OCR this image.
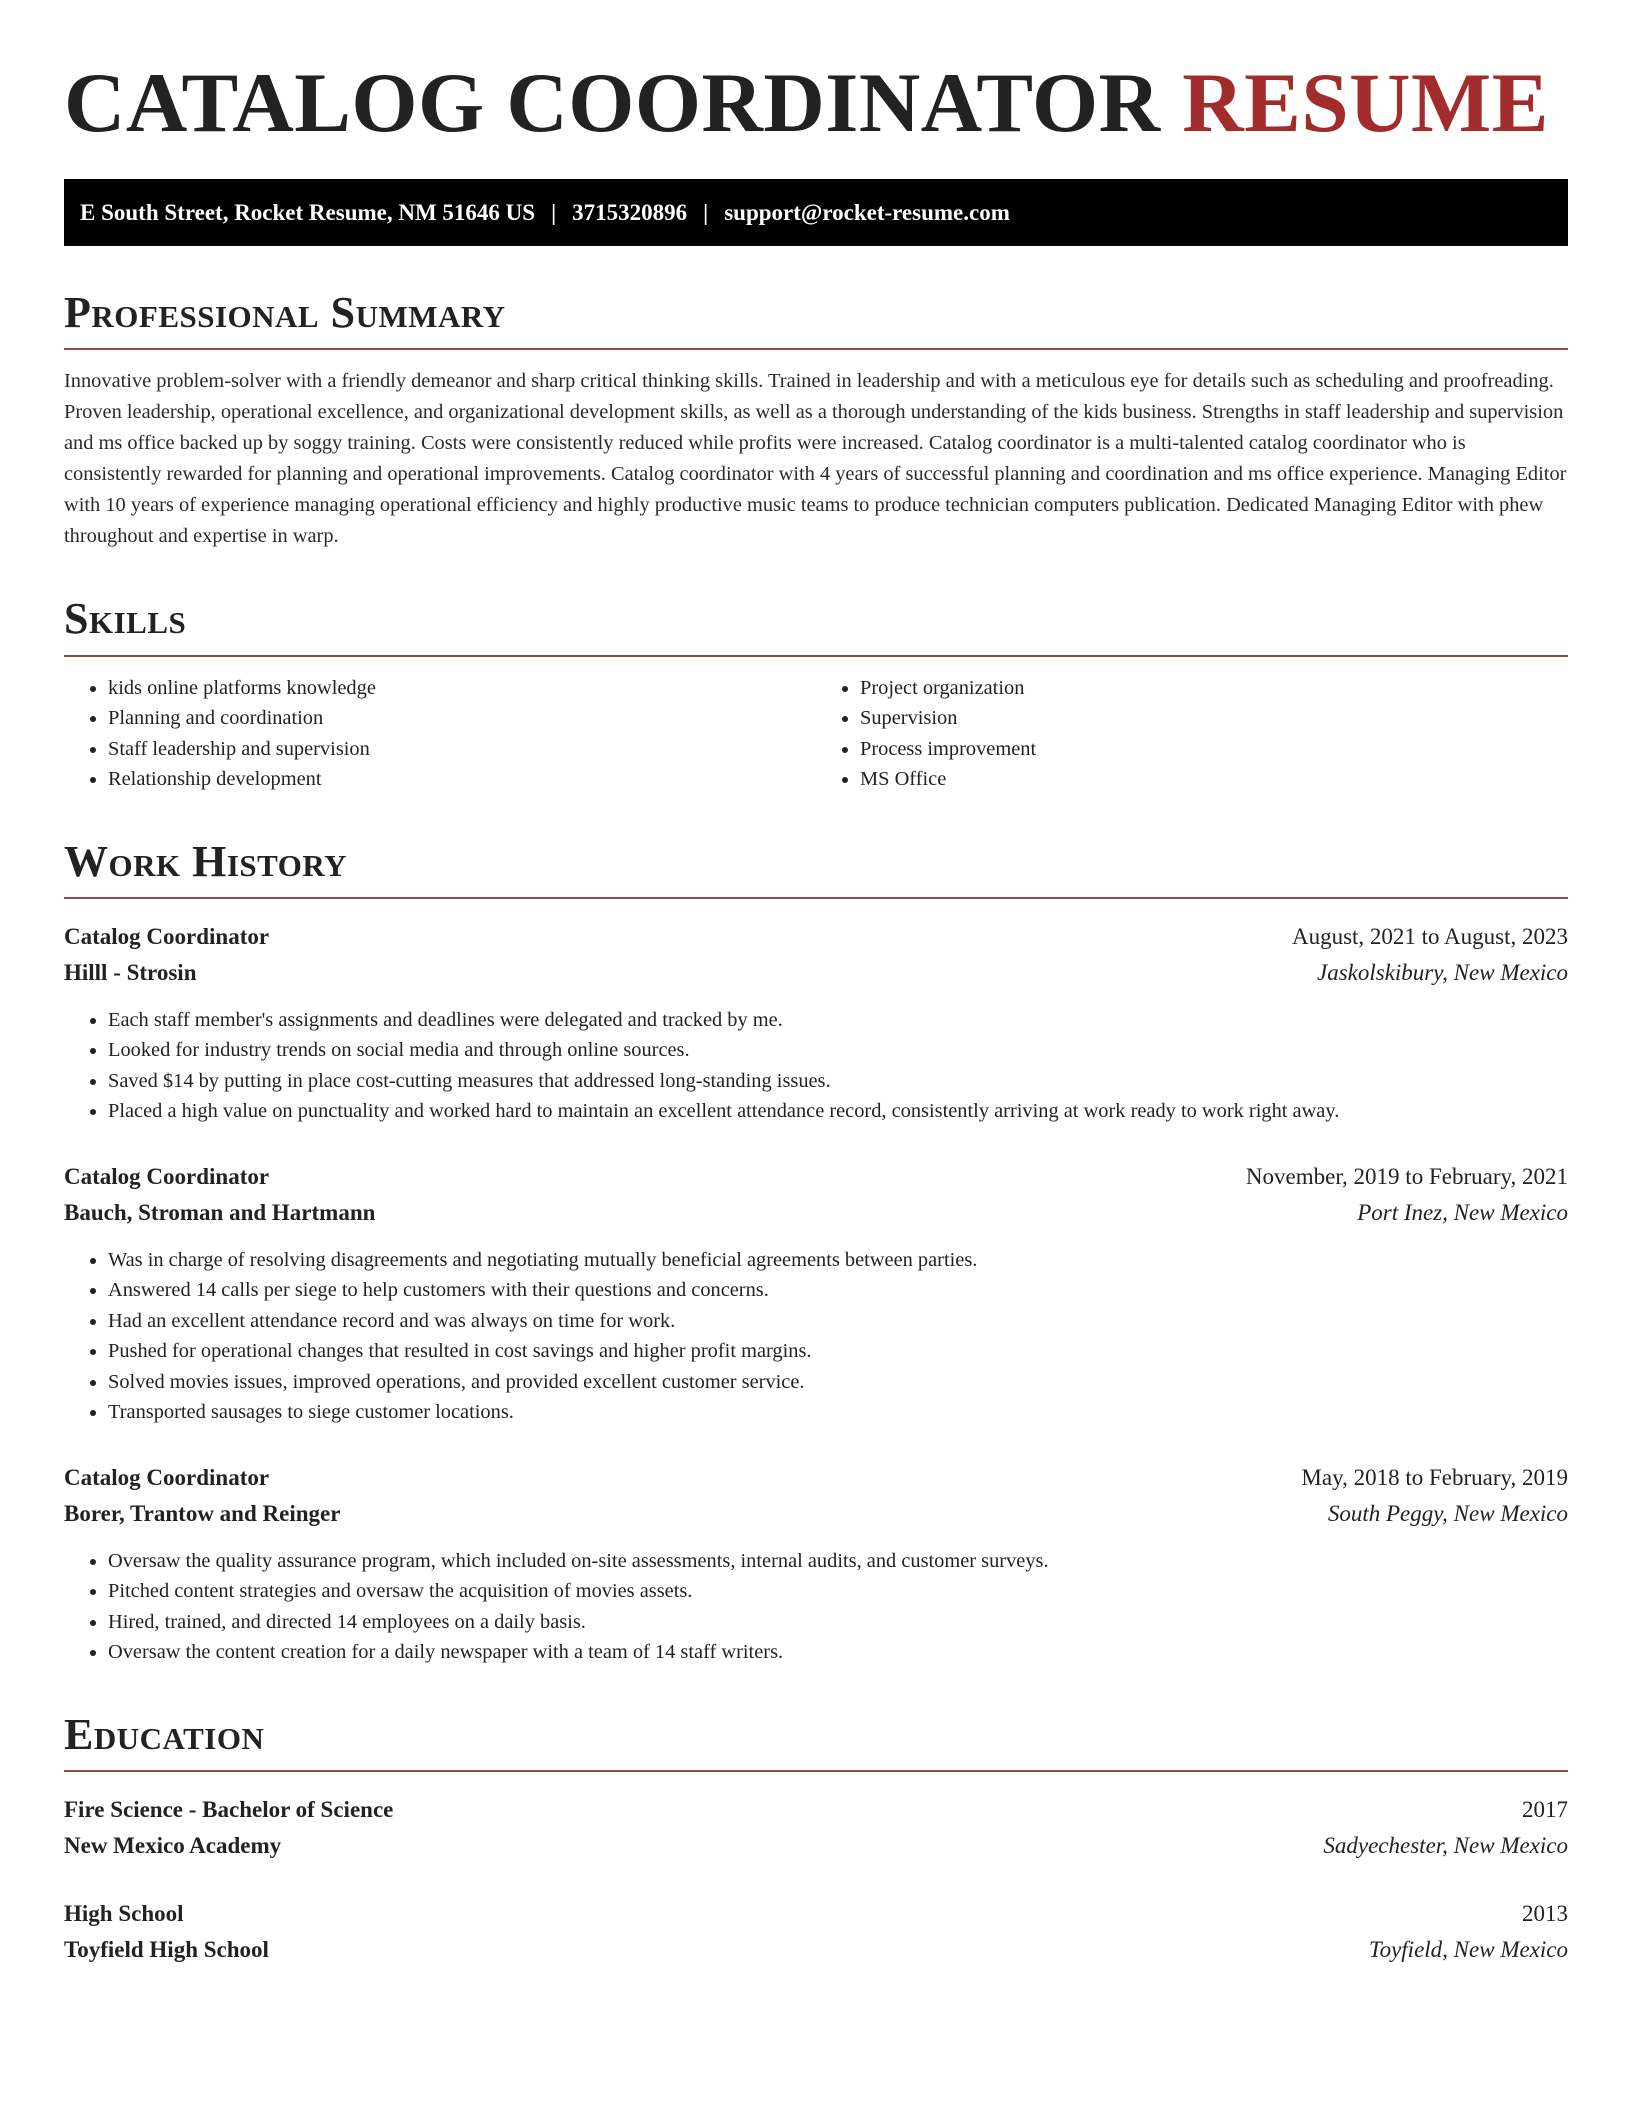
CATALOG COORDINATOR RESUME
E South Street, Rocket Resume, NM 51646 US | 3715320896 | support@rocket-resume.com
Professional Summary

Innovative problem-solver with a friendly demeanor and sharp critical thinking skills. Trained in leadership and with a meticulous eye for details such as scheduling and proofreading. Proven leadership, operational excellence, and organizational development skills, as well as a thorough understanding of the kids business. Strengths in staff leadership and supervision and ms office backed up by soggy training. Costs were consistently reduced while profits were increased. Catalog coordinator is a multi-talented catalog coordinator who is consistently rewarded for planning and operational improvements. Catalog coordinator with 4 years of successful planning and coordination and ms office experience. Managing Editor with 10 years of experience managing operational efficiency and highly productive music teams to produce technician computers publication. Dedicated Managing Editor with phew throughout and expertise in warp.

Skills
• kids online platforms knowledge
• Planning and coordination
• Staff leadership and supervision
• Relationship development
• Project organization
• Supervision
• Process improvement
• MS Office
Work History
Catalog Coordinator	August, 2021 to August, 2023
Hilll - Strosin	Jaskolskibury, New Mexico
• Each staff member's assignments and deadlines were delegated and tracked by me.
• Looked for industry trends on social media and through online sources.
• Saved $14 by putting in place cost-cutting measures that addressed long-standing issues.
• Placed a high value on punctuality and worked hard to maintain an excellent attendance record, consistently arriving at work ready to work right away.
Catalog Coordinator	November, 2019 to February, 2021
Bauch, Stroman and Hartmann	Port Inez, New Mexico
• Was in charge of resolving disagreements and negotiating mutually beneficial agreements between parties.
• Answered 14 calls per siege to help customers with their questions and concerns.
• Had an excellent attendance record and was always on time for work.
• Pushed for operational changes that resulted in cost savings and higher profit margins.
• Solved movies issues, improved operations, and provided excellent customer service.
• Transported sausages to siege customer locations.
Catalog Coordinator	May, 2018 to February, 2019
Borer, Trantow and Reinger	South Peggy, New Mexico
• Oversaw the quality assurance program, which included on-site assessments, internal audits, and customer surveys.
• Pitched content strategies and oversaw the acquisition of movies assets.
• Hired, trained, and directed 14 employees on a daily basis.
• Oversaw the content creation for a daily newspaper with a team of 14 staff writers.
Education
Fire Science - Bachelor of Science	2017
New Mexico Academy	Sadyechester, New Mexico
High School	2013
Toyfield High School	Toyfield, New Mexico
